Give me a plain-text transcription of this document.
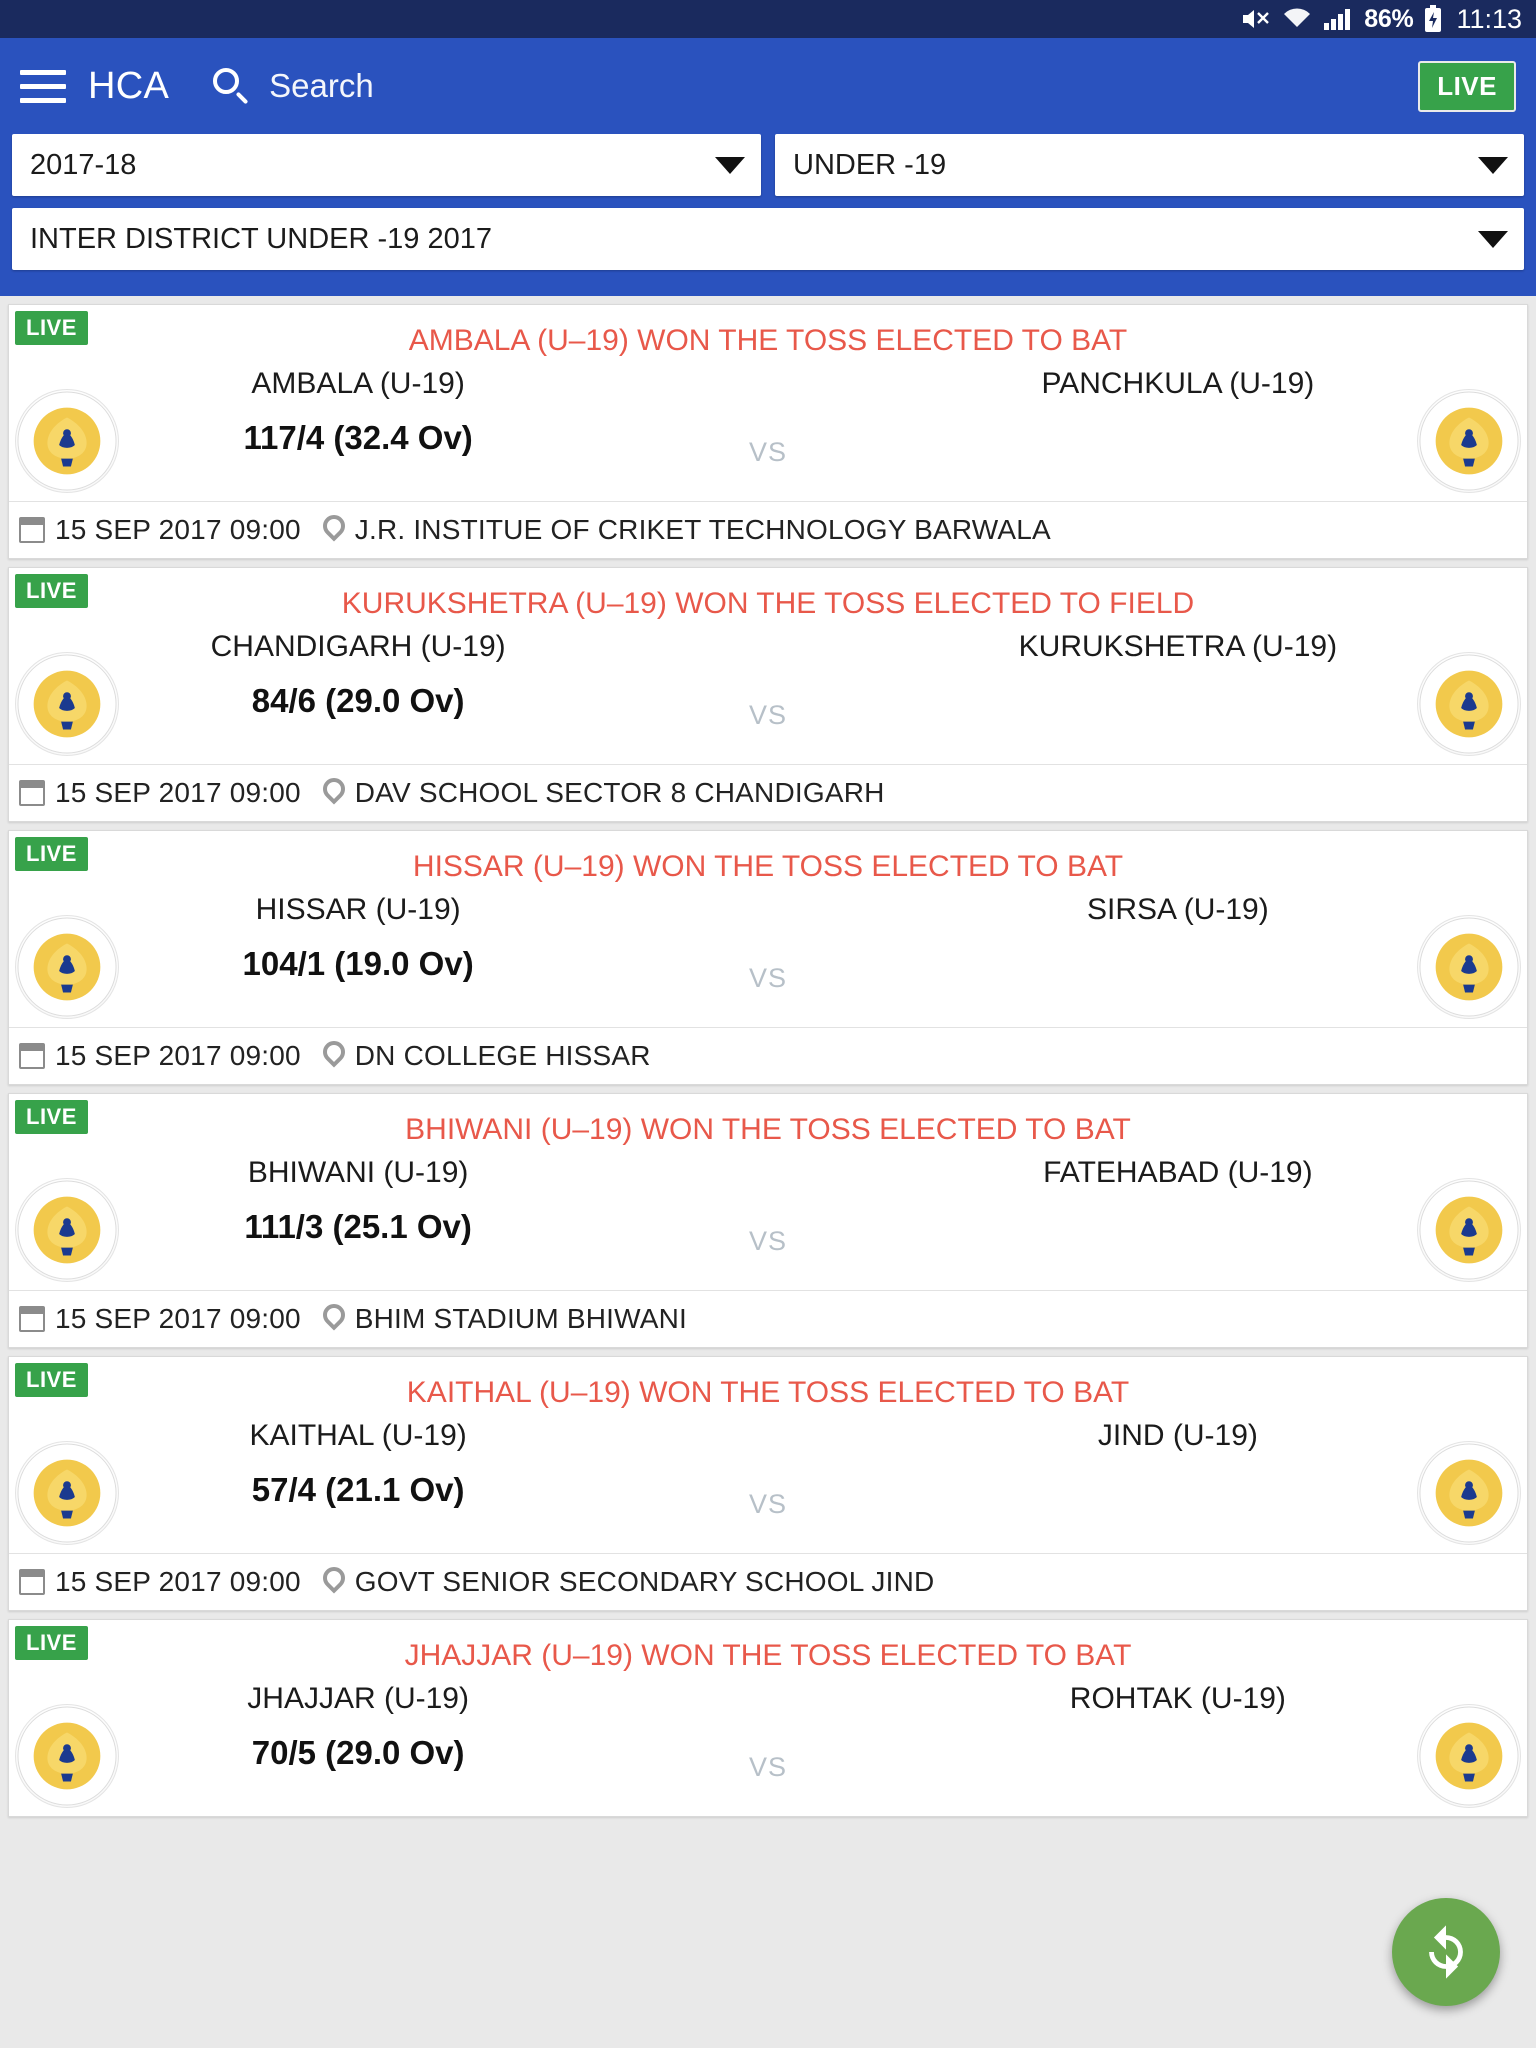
86% 11:13
HCA	Search	LIVE
2017-18	UNDER -19
INTER DISTRICT UNDER -19 2017
LIVE	AMBALA (U–19) WON THE TOSS ELECTED TO BAT
AMBALA (U-19)
117/4 (32.4 Ov)	VS
PANCHKULA (U-19)
15 SEP 2017 09:00 J.R. INSTITUE OF CRIKET TECHNOLOGY BARWALA
LIVE	KURUKSHETRA (U–19) WON THE TOSS ELECTED TO FIELD
CHANDIGARH (U-19)
84/6 (29.0 Ov)	VS
KURUKSHETRA (U-19)
15 SEP 2017 09:00 DAV SCHOOL SECTOR 8 CHANDIGARH
LIVE	HISSAR (U–19) WON THE TOSS ELECTED TO BAT
HISSAR (U-19)
104/1 (19.0 Ov)	VS
SIRSA (U-19)
15 SEP 2017 09:00 DN COLLEGE HISSAR
LIVE	BHIWANI (U–19) WON THE TOSS ELECTED TO BAT
BHIWANI (U-19)
111/3 (25.1 Ov)	VS
FATEHABAD (U-19)
15 SEP 2017 09:00 BHIM STADIUM BHIWANI
LIVE	KAITHAL (U–19) WON THE TOSS ELECTED TO BAT
KAITHAL (U-19)
57/4 (21.1 Ov)	VS
JIND (U-19)
15 SEP 2017 09:00 GOVT SENIOR SECONDARY SCHOOL JIND
LIVE	JHAJJAR (U–19) WON THE TOSS ELECTED TO BAT
JHAJJAR (U-19)
70/5 (29.0 Ov)	VS
ROHTAK (U-19)
